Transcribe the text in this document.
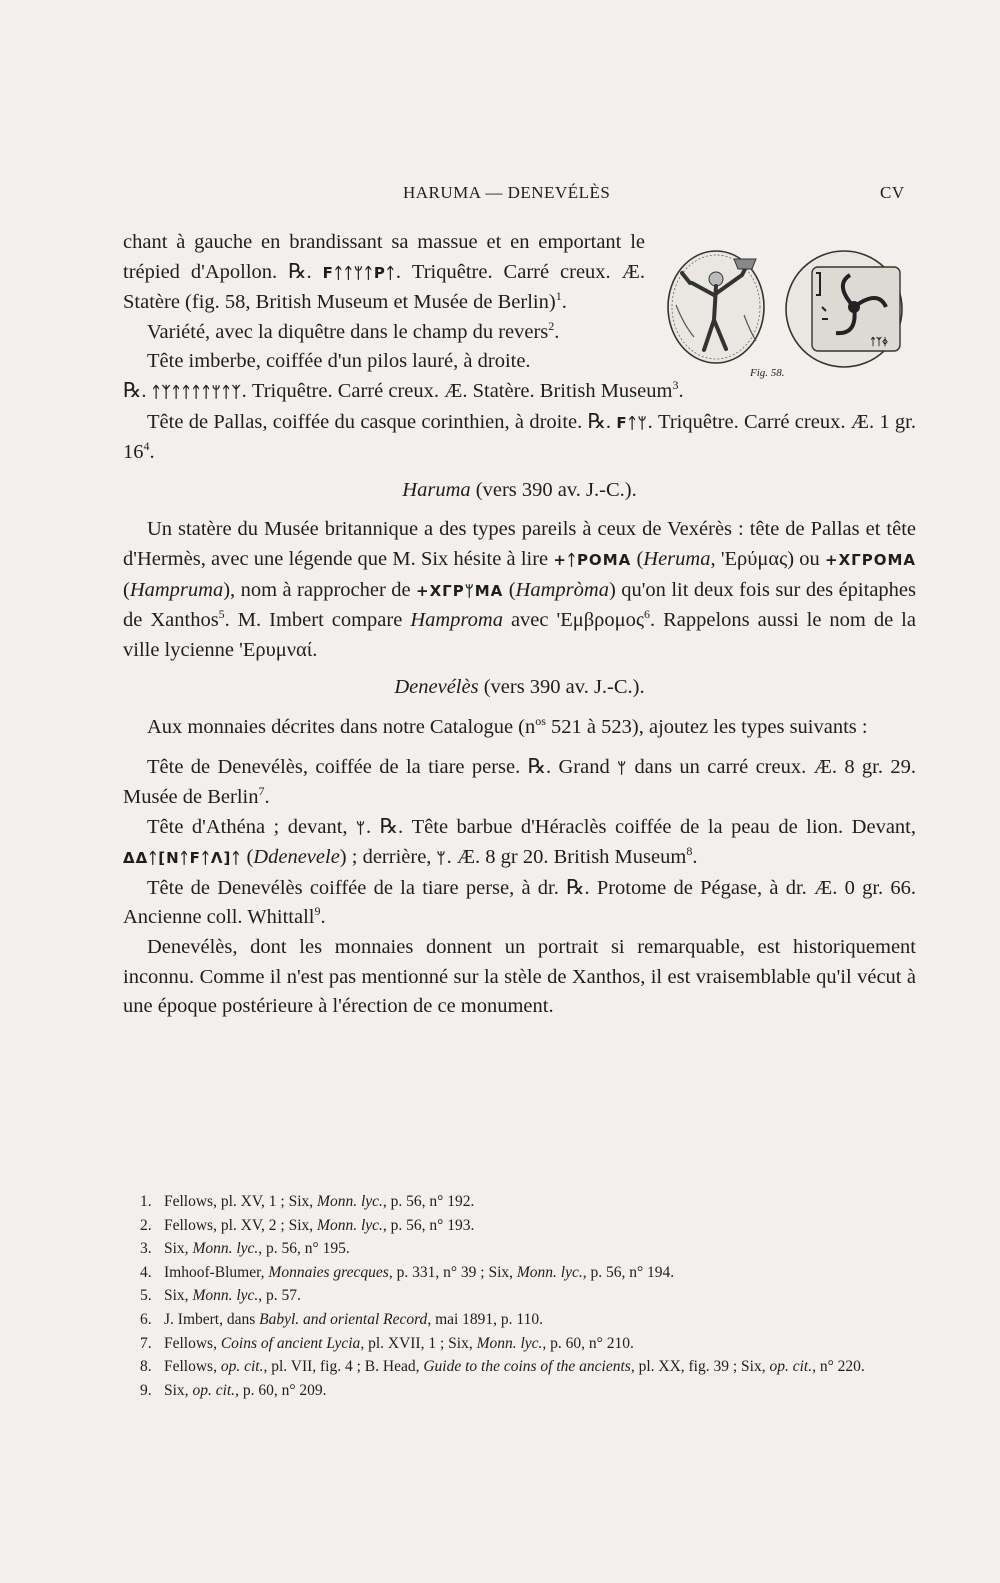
HARUMA — DENEVÉLÈS	CV
ᛏᛉᛄ
Fig. 58.

chant à gauche en brandissant sa massue et en emportant le trépied d'Apollon. ℞. FᛏᛏᛘᛏPᛏ. Triquêtre. Carré creux. Æ. Statère (fig. 58, British Museum et Musée de Berlin)$^1$.

Variété, avec la diquêtre dans le champ du revers$^2$.

Tête imberbe, coiffée d'un pilos lauré, à droite.

℞. ᛏᛉᛏᛏᛏᛏᛘᛏᛉ. Triquêtre. Carré creux. Æ. Statère. British Museum$^3$.

Tête de Pallas, coiffée du casque corinthien, à droite. ℞. Fᛏᛘ. Triquêtre. Carré creux. Æ. 1 gr. $16^4$.

Haruma (vers 390 av. J.-C.).

Un statère du Musée britannique a des types pareils à ceux de Vexérès : tête de Pallas et tête d'Hermès, avec une légende que M. Six hésite à lire +ᛏPOMA (Heruma, 'Ερύμας) ou +XΓPOMA (Hampruma), nom à rapprocher de +XΓPᛘMA (Hampròma) qu'on lit deux fois sur des épitaphes de Xanthos$^5$. M. Imbert compare Hamproma avec 'Εμβρομος$^6$. Rappelons aussi le nom de la ville lycienne 'Ερυμναί.

Denevélès (vers 390 av. J.-C.).

Aux monnaies décrites dans notre Catalogue ($n^{os}$ 521 à 523), ajoutez les types suivants :

Tête de Denevélès, coiffée de la tiare perse. ℞. Grand ᛘ dans un carré creux. Æ. 8 gr. 29. Musée de Berlin$^7$.

Tête d'Athéna ; devant, ᛘ. ℞. Tête barbue d'Héraclès coiffée de la peau de lion. Devant, ΔΔᛏ[NᛏFᛏΛ]ᛏ (Ddenevele) ; derrière, ᛘ. Æ. 8 gr 20. British Museum$^8$.

Tête de Denevélès coiffée de la tiare perse, à dr. ℞. Protome de Pégase, à dr. Æ. 0 gr. 66. Ancienne coll. Whittall$^9$.

Denevélès, dont les monnaies donnent un portrait si remarquable, est historiquement inconnu. Comme il n'est pas mentionné sur la stèle de Xanthos, il est vraisemblable qu'il vécut à une époque postérieure à l'érection de ce monument.

1. Fellows, pl. XV, 1 ; Six, Monn. lyc., p. 56, n° 192.
2. Fellows, pl. XV, 2 ; Six, Monn. lyc., p. 56, n° 193.
3. Six, Monn. lyc., p. 56, n° 195.
4. Imhoof-Blumer, Monnaies grecques, p. 331, n° 39 ; Six, Monn. lyc., p. 56, n° 194.
5. Six, Monn. lyc., p. 57.
6. J. Imbert, dans Babyl. and oriental Record, mai 1891, p. 110.
7. Fellows, Coins of ancient Lycia, pl. XVII, 1 ; Six, Monn. lyc., p. 60, n° 210.
8. Fellows, op. cit., pl. VII, fig. 4 ; B. Head, Guide to the coins of the ancients, pl. XX, fig. 39 ; Six, op. cit., n° 220.
9. Six, op. cit., p. 60, n° 209.
